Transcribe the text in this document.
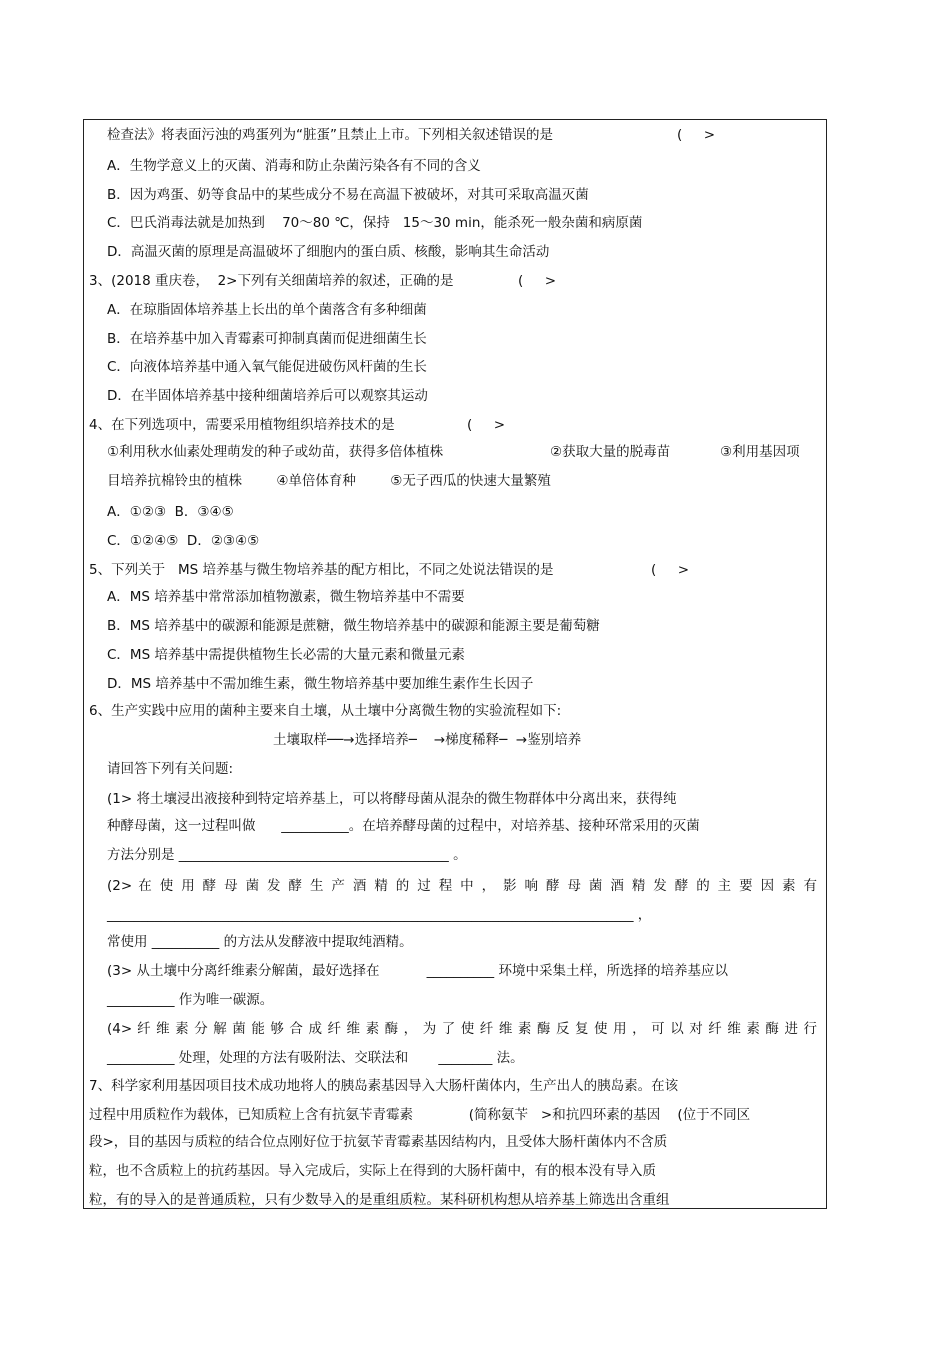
检查法》将表面污浊的鸡蛋列为“脏蛋”且禁止上市。下列相关叙述错误的是	(     >
A．生物学意义上的灭菌、消毒和防止杂菌污染各有不同的含义
B．因为鸡蛋、奶等食品中的某些成分不易在高温下被破坏，对其可采取高温灭菌
C．巴氏消毒法就是加热到    70～80 ℃，保持   15～30 min，能杀死一般杂菌和病原菌
D．高温灭菌的原理是高温破坏了细胞内的蛋白质、核酸，影响其生命活动
3、(2018 重庆卷，  2>下列有关细菌培养的叙述，正确的是	(     >
A．在琼脂固体培养基上长出的单个菌落含有多种细菌
B．在培养基中加入青霉素可抑制真菌而促进细菌生长
C．向液体培养基中通入氧气能促进破伤风杆菌的生长
D．在半固体培养基中接种细菌培养后可以观察其运动
4、在下列选项中，需要采用植物组织培养技术的是	(     >
①利用秋水仙素处理萌发的种子或幼苗，获得多倍体植株	②获取大量的脱毒苗	③利用基因项
目培养抗棉铃虫的植株        ④单倍体育种        ⑤无子西瓜的快速大量繁殖
A．①②③  B．③④⑤
C．①②④⑤  D．②③④⑤
5、下列关于   MS 培养基与微生物培养基的配方相比，不同之处说法错误的是	(     >
A．MS 培养基中常常添加植物激素，微生物培养基中不需要
B．MS 培养基中的碳源和能源是蔗糖，微生物培养基中的碳源和能源主要是葡萄糖
C．MS 培养基中需提供植物生长必需的大量元素和微量元素
D．MS 培养基中不需加维生素，微生物培养基中要加维生素作生长因子
6、生产实践中应用的菌种主要来自土壤，从土壤中分离微生物的实验流程如下:
土壤取样──→选择培养─    →梯度稀释─  →鉴别培养
请回答下列有关问题:
(1> 将土壤浸出液接种到特定培养基上，可以将酵母菌从混杂的微生物群体中分离出来，获得纯
种酵母菌，这一过程叫做      __________。在培养酵母菌的过程中，对培养基、接种环常采用的灭菌
方法分别是 ________________________________________ 。
(2> 在 使 用 酵 母 菌 发 酵 生 产 酒 精 的 过 程 中 ， 影 响 酵 母 菌 酒 精 发 酵 的 主 要 因 素 有
______________________________________________________________________________ ，
常使用 __________ 的方法从发酵液中提取纯酒精。
(3> 从土壤中分离纤维素分解菌，最好选择在           __________ 环境中采集土样，所选择的培养基应以
__________ 作为唯一碳源。
(4> 纤 维 素 分 解 菌 能 够 合 成 纤 维 素 酶 ， 为 了 使 纤 维 素 酶 反 复 使 用 ， 可 以 对 纤 维 素 酶 进 行
__________ 处理，处理的方法有吸附法、交联法和       ________ 法。
7、科学家利用基因项目技术成功地将人的胰岛素基因导入大肠杆菌体内，生产出人的胰岛素。在该
过程中用质粒作为载体，已知质粒上含有抗氨苄青霉素             (简称氨苄   >和抗四环素的基因    (位于不同区
段>，目的基因与质粒的结合位点刚好位于抗氨苄青霉素基因结构内，且受体大肠杆菌体内不含质
粒，也不含质粒上的抗药基因。导入完成后，实际上在得到的大肠杆菌中，有的根本没有导入质
粒，有的导入的是普通质粒，只有少数导入的是重组质粒。某科研机构想从培养基上筛选出含重组
